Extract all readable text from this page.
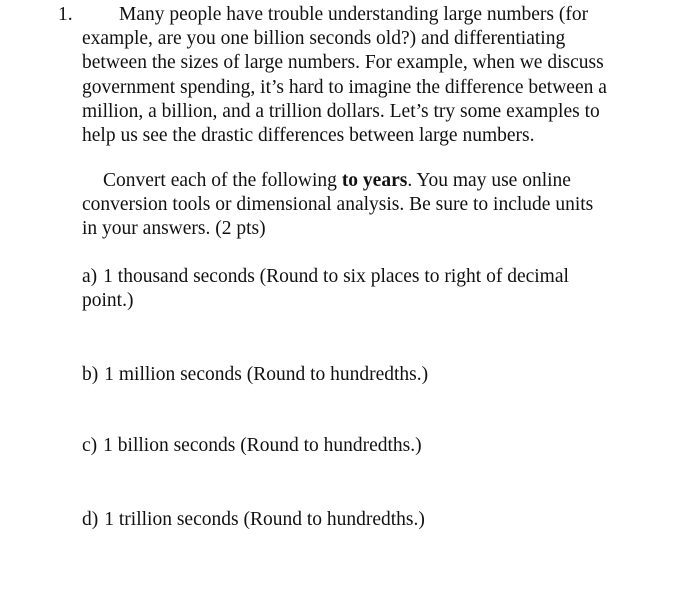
1.	Many people have trouble understanding large numbers (for
example, are you one billion seconds old?) and differentiating
between the sizes of large numbers. For example, when we discuss
government spending, it’s hard to imagine the difference between a
million, a billion, and a trillion dollars. Let’s try some examples to
help us see the drastic differences between large numbers.

Convert each of the following to years. You may use online
conversion tools or dimensional analysis. Be sure to include units
in your answers. (2 pts)

a) 1 thousand seconds (Round to six places to right of decimal
point.)
b) 1 million seconds (Round to hundredths.)
c) 1 billion seconds (Round to hundredths.)
d) 1 trillion seconds (Round to hundredths.)
